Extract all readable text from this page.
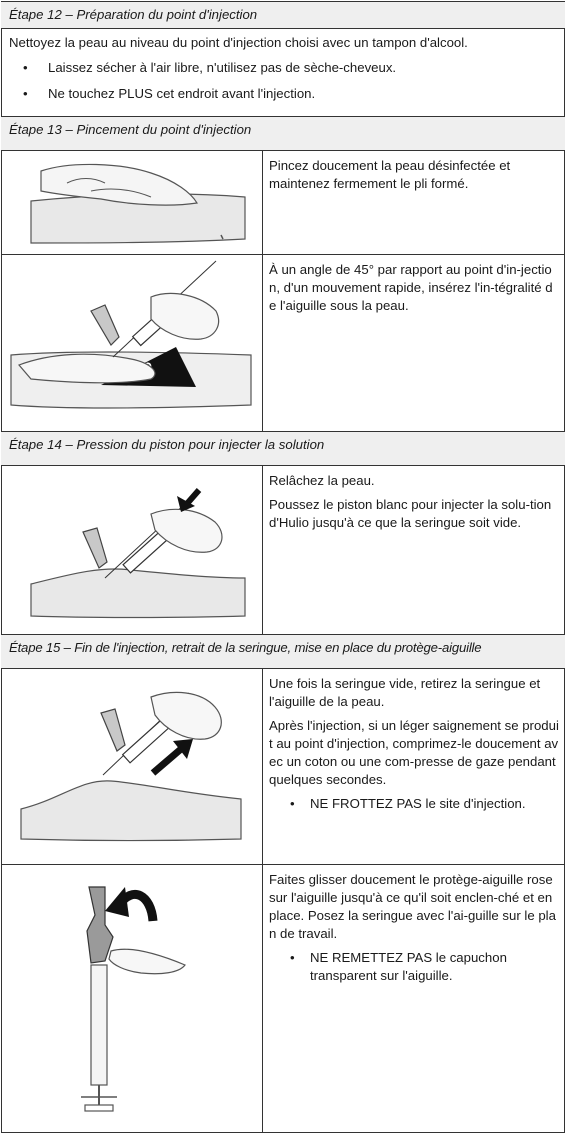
Étape 12 – Préparation du point d'injection

Nettoyez la peau au niveau du point d'injection choisi avec un tampon d'alcool.

• Laissez sécher à l'air libre, n'utilisez pas de sèche-cheveux.
• Ne touchez PLUS cet endroit avant l'injection.
Étape 13 – Pincement du point d'injection

Pincez doucement la peau désinfectée et maintenez fermement le pli formé.

À un angle de 45° par rapport au point d'in-jection, d'un mouvement rapide, insérez l'in-tégralité de l'aiguille sous la peau.

Étape 14 – Pression du piston pour injecter la solution

Relâchez la peau.

Poussez le piston blanc pour injecter la solu-tion d'Hulio jusqu'à ce que la seringue soit vide.

Étape 15 – Fin de l'injection, retrait de la seringue, mise en place du protège-aiguille

Une fois la seringue vide, retirez la seringue et l'aiguille de la peau.

Après l'injection, si un léger saignement se produit au point d'injection, comprimez-le doucement avec un coton ou une com-presse de gaze pendant quelques secondes.

• NE FROTTEZ PAS le site d'injection.

Faites glisser doucement le protège-aiguille rose sur l'aiguille jusqu'à ce qu'il soit enclen-ché et en place. Posez la seringue avec l'ai-guille sur le plan de travail.

• NE REMETTEZ PAS le capuchon transparent sur l'aiguille.
